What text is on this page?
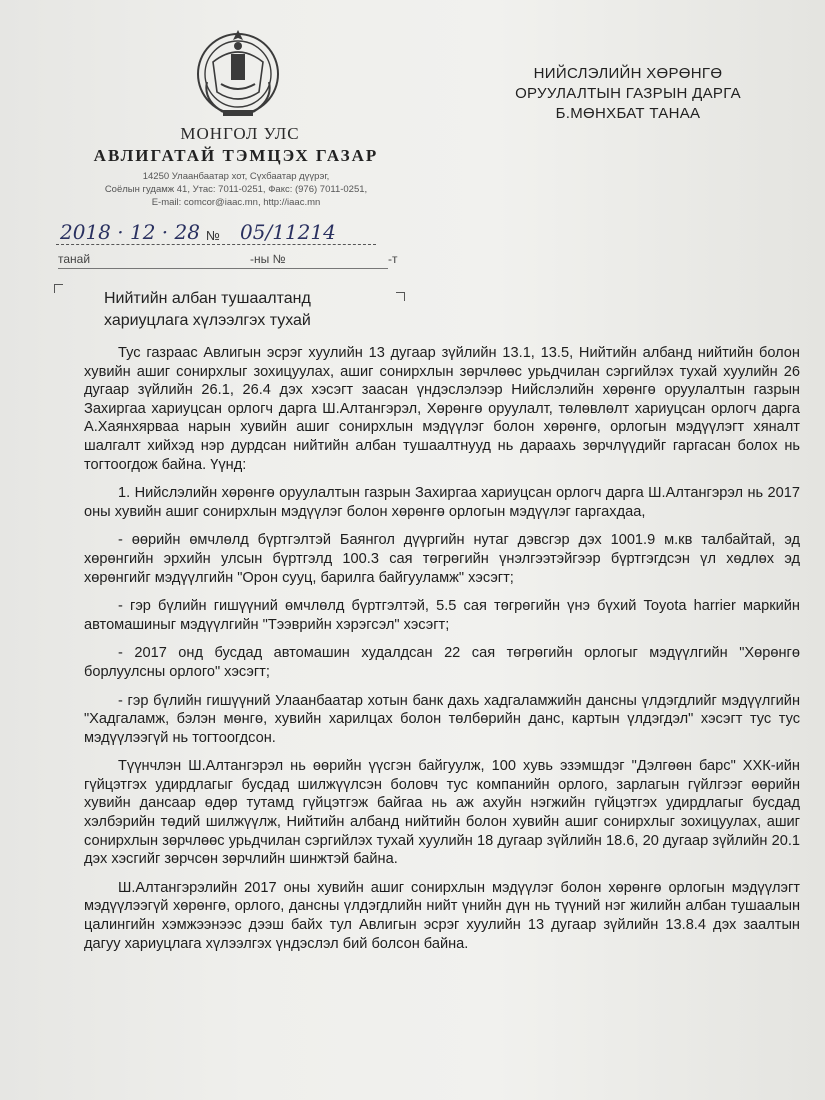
МОНГОЛ УЛС
АВЛИГАТАЙ ТЭМЦЭХ ГАЗАР
14250 Улаанбаатар хот, Сүхбаатар дүүрэг,
Соёлын гудамж 41, Утас: 7011-0251, Факс: (976) 7011-0251,
E-mail: comcor@iaac.mn, http://iaac.mn
НИЙСЛЭЛИЙН ХӨРӨНГӨ
ОРУУЛАЛТЫН ГАЗРЫН ДАРГА
Б.МӨНХБАТ ТАНАА
2018 · 12 · 28 № 05/11214
танай	-ны №	-т
Нийтийн албан тушаалтанд
хариуцлага хүлээлгэх тухай

Тус газраас Авлигын эсрэг хуулийн 13 дугаар зүйлийн 13.1, 13.5, Нийтийн албанд нийтийн болон хувийн ашиг сонирхлыг зохицуулах, ашиг сонирхлын зөрчлөөс урьдчилан сэргийлэх тухай хуулийн 26 дугаар зүйлийн 26.1, 26.4 дэх хэсэгт заасан үндэслэлээр Нийслэлийн хөрөнгө оруулалтын газрын Захиргаа хариуцсан орлогч дарга Ш.Алтангэрэл, Хөрөнгө оруулалт, төлөвлөлт хариуцсан орлогч дарга А.Хаянхярваа нарын хувийн ашиг сонирхлын мэдүүлэг болон хөрөнгө, орлогын мэдүүлэгт хяналт шалгалт хийхэд нэр дурдсан нийтийн албан тушаалтнууд нь дараахь зөрчлүүдийг гаргасан болох нь тогтоогдож байна. Үүнд:

1. Нийслэлийн хөрөнгө оруулалтын газрын Захиргаа хариуцсан орлогч дарга Ш.Алтангэрэл нь 2017 оны хувийн ашиг сонирхлын мэдүүлэг болон хөрөнгө орлогын мэдүүлэг гаргахдаа,

- өөрийн өмчлөлд бүртгэлтэй Баянгол дүүргийн нутаг дэвсгэр дэх 1001.9 м.кв талбайтай, эд хөрөнгийн эрхийн улсын бүртгэлд 100.3 сая төгрөгийн үнэлгээтэйгээр бүртгэгдсэн үл хөдлөх эд хөрөнгийг мэдүүлгийн "Орон сууц, барилга байгууламж" хэсэгт;

- гэр бүлийн гишүүний өмчлөлд бүртгэлтэй, 5.5 сая төгрөгийн үнэ бүхий Toyota harrier маркийн автомашиныг мэдүүлгийн "Тээврийн хэрэгсэл" хэсэгт;

- 2017 онд бусдад автомашин худалдсан 22 сая төгрөгийн орлогыг мэдүүлгийн "Хөрөнгө борлуулсны орлого" хэсэгт;

- гэр бүлийн гишүүний Улаанбаатар хотын банк дахь хадгаламжийн дансны үлдэгдлийг мэдүүлгийн "Хадгаламж, бэлэн мөнгө, хувийн харилцах болон төлбөрийн данс, картын үлдэгдэл" хэсэгт тус тус мэдүүлээгүй нь тогтоогдсон.

Түүнчлэн Ш.Алтангэрэл нь өөрийн үүсгэн байгуулж, 100 хувь эзэмшдэг "Дэлгөөн барс" ХХК-ийн гүйцэтгэх удирдлагыг бусдад шилжүүлсэн боловч тус компанийн орлого, зарлагын гүйлгээг өөрийн хувийн дансаар өдөр тутамд гүйцэтгэж байгаа нь аж ахуйн нэгжийн гүйцэтгэх удирдлагыг бусдад хэлбэрийн төдий шилжүүлж, Нийтийн албанд нийтийн болон хувийн ашиг сонирхлыг зохицуулах, ашиг сонирхлын зөрчлөөс урьдчилан сэргийлэх тухай хуулийн 18 дугаар зүйлийн 18.6, 20 дугаар зүйлийн 20.1 дэх хэсгийг зөрчсөн зөрчлийн шинжтэй байна.

Ш.Алтангэрэлийн 2017 оны хувийн ашиг сонирхлын мэдүүлэг болон хөрөнгө орлогын мэдүүлэгт мэдүүлээгүй хөрөнгө, орлого, дансны үлдэгдлийн нийт үнийн дүн нь түүний нэг жилийн албан тушаалын цалингийн хэмжээнээс дээш байх тул Авлигын эсрэг хуулийн 13 дугаар зүйлийн 13.8.4 дэх заалтын дагуу хариуцлага хүлээлгэх үндэслэл бий болсон байна.
